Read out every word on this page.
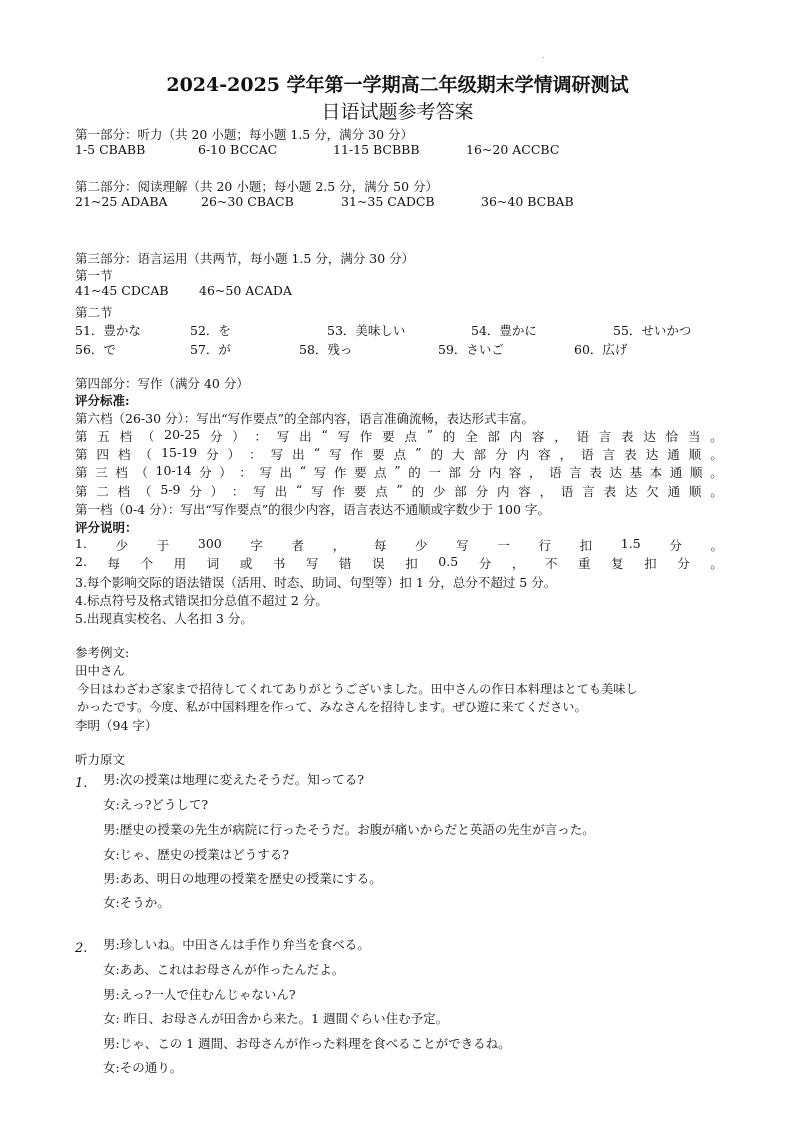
2024-2025 学年第一学期高二年级期末学情调研测试
日语试题参考答案
第一部分：听力（共 20 小题；每小题 1.5 分，满分 30 分）
1-5 CBABB	6-10 BCCAC	11-15 BCBBB	16~20 ACCBC
第二部分：阅读理解（共 20 小题；每小题 2.5 分，满分 50 分）
21~25 ADABA	26~30 CBACB	31~35 CADCB	36~40 BCBAB
第三部分：语言运用（共两节，每小题 1.5 分，满分 30 分）
第一节
41~45 CDCAB 46~50 ACADA
第二节
51．豊かな	52．を	53．美味しい	54．豊かに	55．せいかつ
56．で	57．が	58．残っ	59．さいご	60．広げ
第四部分：写作（满分 40 分）
评分标准:
第六档（26-30 分）：写出“写作要点”的全部内容，语言准确流畅，表达形式丰富。
第 五 档 （ 20-25 分 ） ： 写 出 “ 写 作 要 点 ” 的 全 部 内 容 ， 语 言 表 达 恰 当 。
第 四 档 （ 15-19 分 ） ： 写 出 “ 写 作 要 点 ” 的 大 部 分 内 容 ， 语 言 表 达 通 顺 。
第 三 档 （ 10-14 分 ） ： 写 出 “ 写 作 要 点 ” 的 一 部 分 内 容 ， 语 言 表 达 基 本 通 顺 。
第 二 档 （ 5-9 分 ） ： 写 出 “ 写 作 要 点 ” 的 少 部 分 内 容 ， 语 言 表 达 欠 通 顺 。
第一档（0-4 分）：写出“写作要点”的很少内容，语言表达不通顺或字数少于 100 字。
评分说明：
1. 少 于 300 字 者 ， 每 少 写 一 行 扣 1.5 分 。
2. 每 个 用 词 或 书 写 错 误 扣 0.5 分 ， 不 重 复 扣 分 。
3.每个影响交际的语法错误（活用、时态、助词、句型等）扣 1 分，总分不超过 5 分。
4.标点符号及格式错误扣分总值不超过 2 分。
5.出现真实校名、人名扣 3 分。
参考例文:
田中さん
今日はわざわざ家まで招待してくれてありがとうございました。田中さんの作日本料理はとても美味し
かったです。今度、私が中国料理を作って、みなさんを招待します。ぜひ遊に来てください。
李明（94 字）
听力原文
1. 男:次の授業は地理に変えたそうだ。知ってる?
女:えっ?どうして?
男:歴史の授業の先生が病院に行ったそうだ。お腹が痛いからだと英語の先生が言った。
女:じゃ、歴史の授業はどうする?
男:ああ、明日の地理の授業を歴史の授業にする。
女:そうか。
2. 男:珍しいね。中田さんは手作り弁当を食べる。
女:ああ、これはお母さんが作ったんだよ。
男:えっ?一人で住むんじゃないん?
女: 昨日、お母さんが田舎から来た。1 週間ぐらい住む予定。
男:じゃ、この 1 週間、お母さんが作った料理を食べることができるね。
女:その通り。
